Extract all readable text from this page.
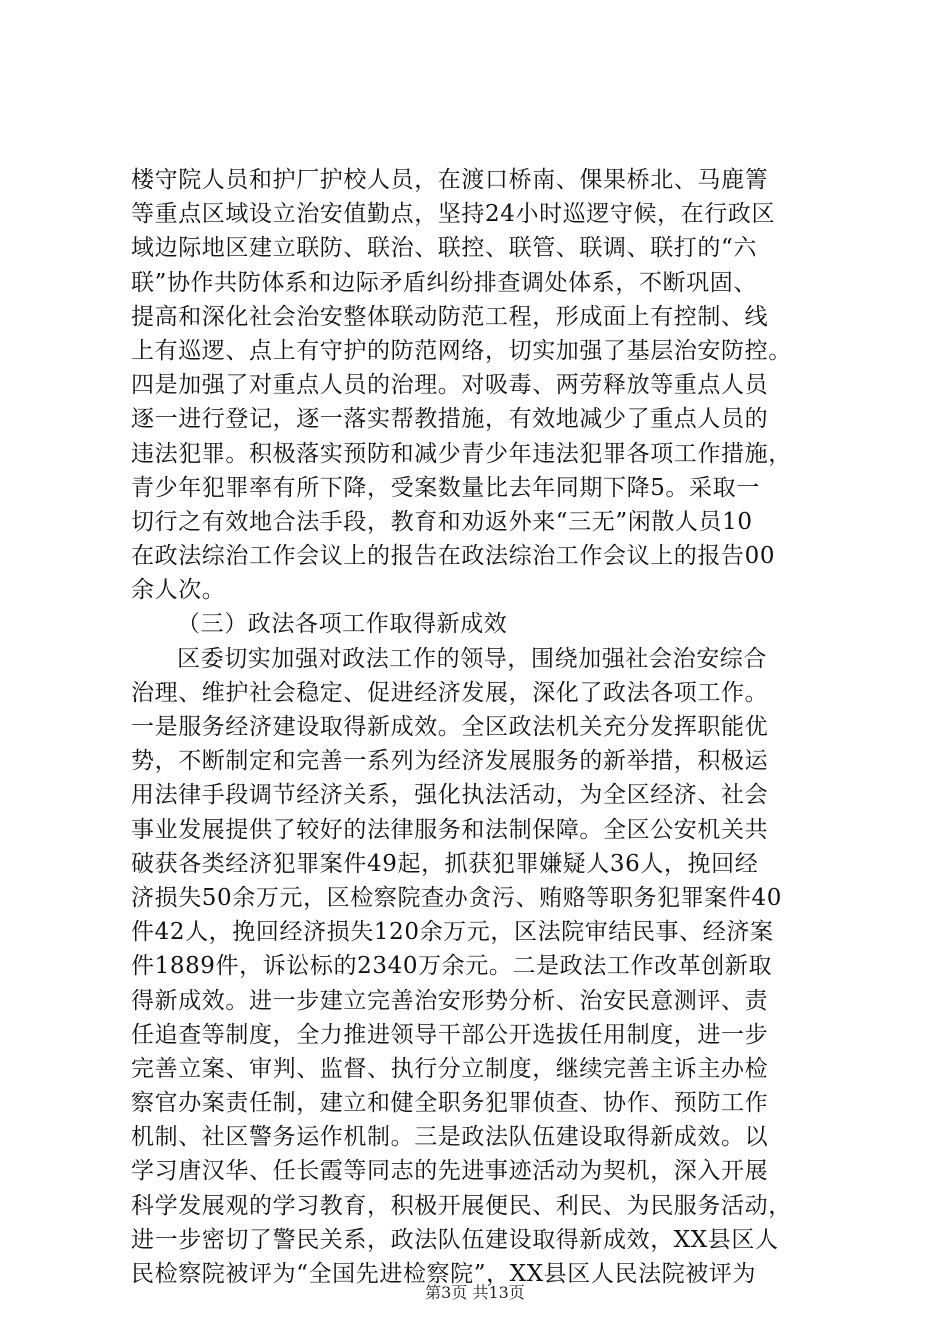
楼守院人员和护厂护校人员，在渡口桥南、倮果桥北、马鹿箐
等重点区域设立治安值勤点，坚持24小时巡逻守候，在行政区
域边际地区建立联防、联治、联控、联管、联调、联打的“六
联”协作共防体系和边际矛盾纠纷排查调处体系，不断巩固、
提高和深化社会治安整体联动防范工程，形成面上有控制、线
上有巡逻、点上有守护的防范网络，切实加强了基层治安防控。
四是加强了对重点人员的治理。对吸毒、两劳释放等重点人员
逐一进行登记，逐一落实帮教措施，有效地减少了重点人员的
违法犯罪。积极落实预防和减少青少年违法犯罪各项工作措施，
青少年犯罪率有所下降，受案数量比去年同期下降5。采取一
切行之有效地合法手段，教育和劝返外来“三无”闲散人员10
在政法综治工作会议上的报告在政法综治工作会议上的报告00
余人次。
（三）政法各项工作取得新成效
区委切实加强对政法工作的领导，围绕加强社会治安综合
治理、维护社会稳定、促进经济发展，深化了政法各项工作。
一是服务经济建设取得新成效。全区政法机关充分发挥职能优
势，不断制定和完善一系列为经济发展服务的新举措，积极运
用法律手段调节经济关系，强化执法活动，为全区经济、社会
事业发展提供了较好的法律服务和法制保障。全区公安机关共
破获各类经济犯罪案件49起，抓获犯罪嫌疑人36人，挽回经
济损失50余万元，区检察院查办贪污、贿赂等职务犯罪案件40
件42人，挽回经济损失120余万元，区法院审结民事、经济案
件1889件，诉讼标的2340万余元。二是政法工作改革创新取
得新成效。进一步建立完善治安形势分析、治安民意测评、责
任追查等制度，全力推进领导干部公开选拔任用制度，进一步
完善立案、审判、监督、执行分立制度，继续完善主诉主办检
察官办案责任制，建立和健全职务犯罪侦查、协作、预防工作
机制、社区警务运作机制。三是政法队伍建设取得新成效。以
学习唐汉华、任长霞等同志的先进事迹活动为契机，深入开展
科学发展观的学习教育，积极开展便民、利民、为民服务活动，
进一步密切了警民关系，政法队伍建设取得新成效，XX县区人
民检察院被评为“全国先进检察院”，XX县区人民法院被评为
第3页 共13页
